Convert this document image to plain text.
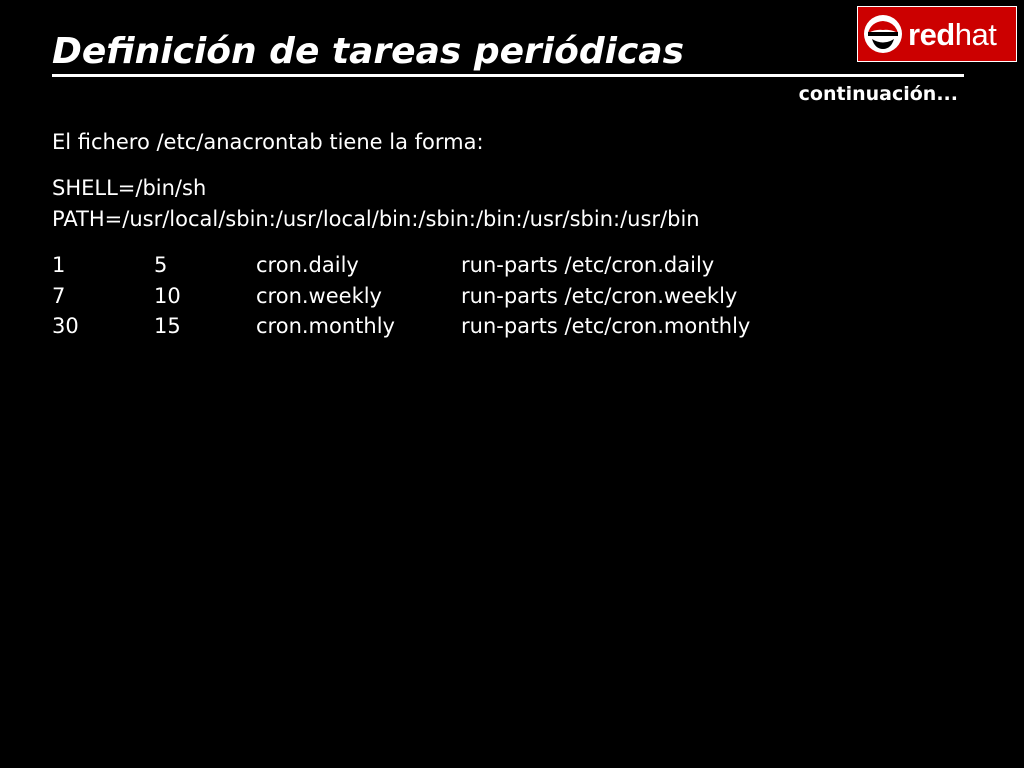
Definición de tareas periódicas
continuación...
redhat
El fichero /etc/anacrontab tiene la forma:
SHELL=/bin/sh
PATH=/usr/local/sbin:/usr/local/bin:/sbin:/bin:/usr/sbin:/usr/bin
1	5	cron.daily	run-parts /etc/cron.daily
7	10	cron.weekly	run-parts /etc/cron.weekly
30	15	cron.monthly	run-parts /etc/cron.monthly
